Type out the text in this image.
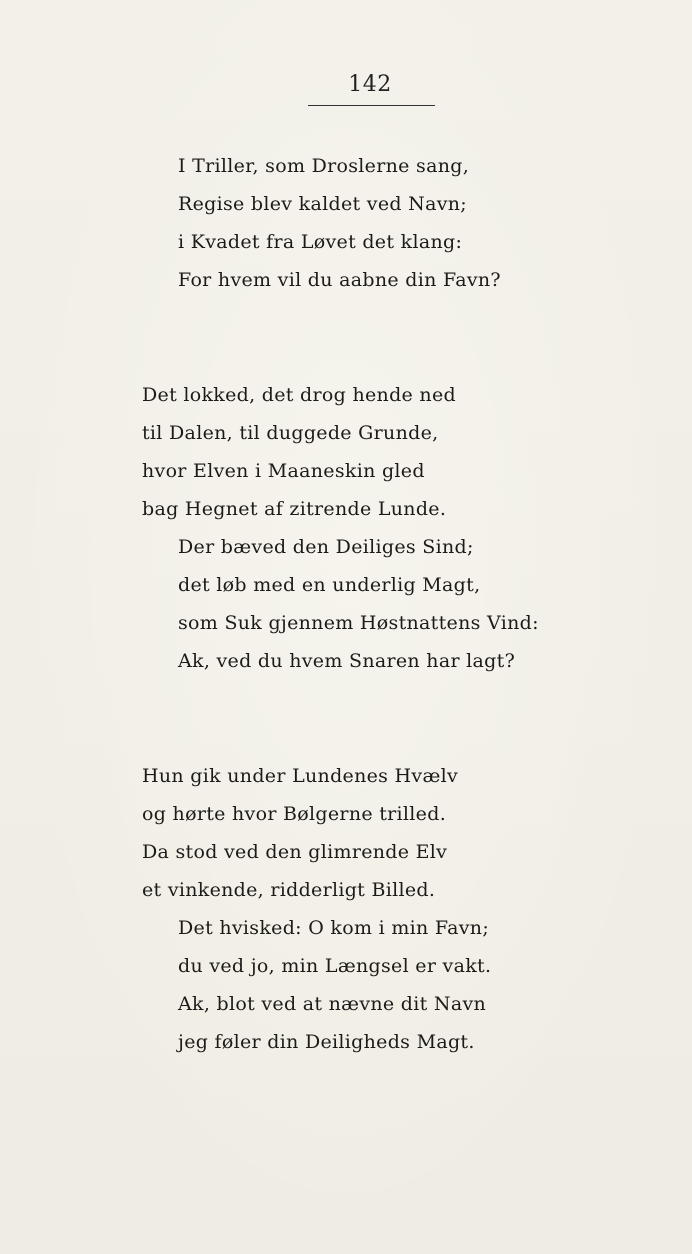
142
I Triller, som Droslerne sang,
Regise blev kaldet ved Navn;
i Kvadet fra Løvet det klang:
For hvem vil du aabne din Favn?
Det lokked, det drog hende ned
til Dalen, til duggede Grunde,
hvor Elven i Maaneskin gled
bag Hegnet af zitrende Lunde.
Der bæved den Deiliges Sind;
det løb med en underlig Magt,
som Suk gjennem Høstnattens Vind:
Ak, ved du hvem Snaren har lagt?
Hun gik under Lundenes Hvælv
og hørte hvor Bølgerne trilled.
Da stod ved den glimrende Elv
et vinkende, ridderligt Billed.
Det hvisked: O kom i min Favn;
du ved jo, min Længsel er vakt.
Ak, blot ved at nævne dit Navn
jeg føler din Deiligheds Magt.
